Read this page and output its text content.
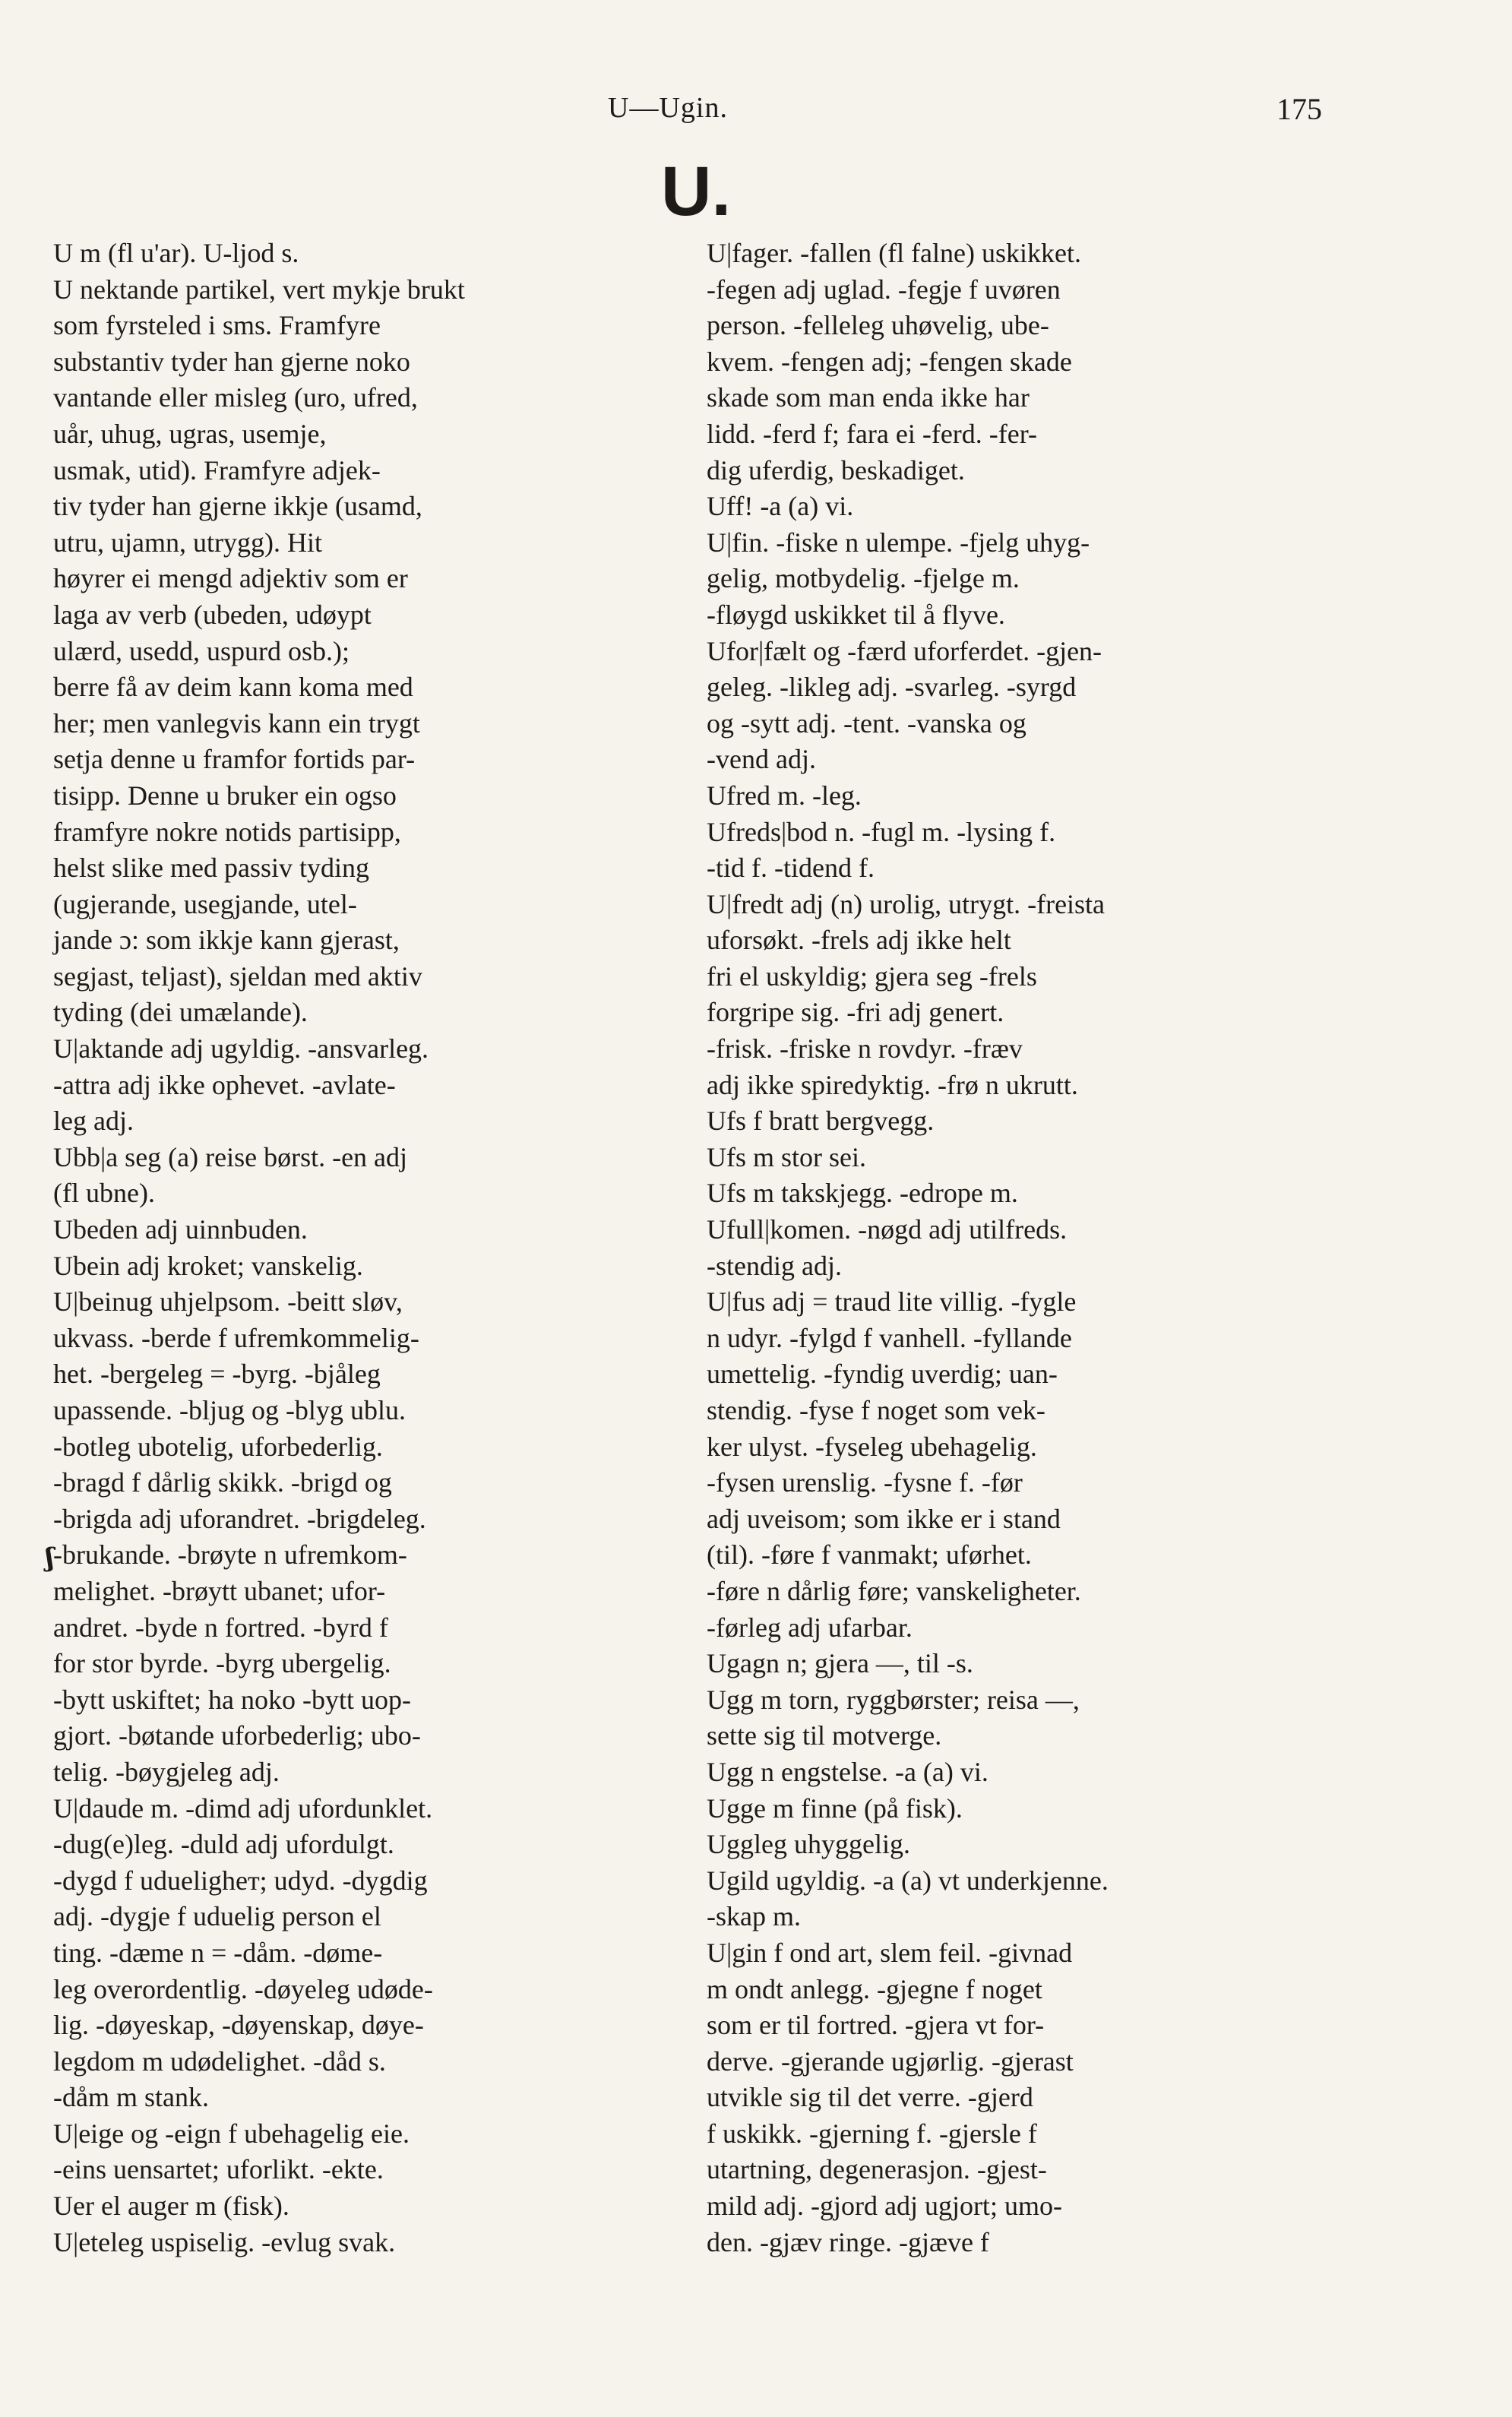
U—Ugin.	175
U.
ʃ
U m (fl u'ar). U-ljod s.
U nektande partikel, vert mykje brukt
som fyrsteled i sms. Framfyre
substantiv tyder han gjerne noko
vantande eller misleg (uro, ufred,
uår, uhug, ugras, usemje,
usmak, utid). Framfyre adjek-
tiv tyder han gjerne ikkje (usamd,
utru, ujamn, utrygg). Hit
høyrer ei mengd adjektiv som er
laga av verb (ubeden, udøypt
ulærd, usedd, uspurd osb.);
berre få av deim kann koma med
her; men vanlegvis kann ein trygt
setja denne u framfor fortids par-
tisipp. Denne u bruker ein ogso
framfyre nokre notids partisipp,
helst slike med passiv tyding
(ugjerande, usegjande, utel-
jande ɔ: som ikkje kann gjerast,
segjast, teljast), sjeldan med aktiv
tyding (dei umælande).
U|aktande adj ugyldig. -ansvarleg.
-attra adj ikke ophevet. -avlate-
leg adj.
Ubb|a seg (a) reise børst. -en adj
(fl ubne).
Ubeden adj uinnbuden.
Ubein adj kroket; vanskelig.
U|beinug uhjelpsom. -beitt sløv,
ukvass. -berde f ufremkommelig-
het. -bergeleg = -byrg. -bjåleg
upassende. -bljug og -blyg ublu.
-botleg ubotelig, uforbederlig.
-bragd f dårlig skikk. -brigd og
-brigda adj uforandret. -brigdeleg.
-brukande. -brøyte n ufremkom-
melighet. -brøytt ubanet; ufor-
andret. -byde n fortred. -byrd f
for stor byrde. -byrg ubergelig.
-bytt uskiftet; ha noko -bytt uop-
gjort. -bøtande uforbederlig; ubo-
telig. -bøygjeleg adj.
U|daude m. -dimd adj ufordunklet.
-dug(e)leg. -duld adj ufordulgt.
-dygd f udueligheт; udyd. -dygdig
adj. -dygje f uduelig person el
ting. -dæme n = -dåm. -døme-
leg overordentlig. -døyeleg udøde-
lig. -døyeskap, -døyenskap, døye-
legdom m udødelighet. -dåd s.
-dåm m stank.
U|eige og -eign f ubehagelig eie.
-eins uensartet; uforlikt. -ekte.
Uer el auger m (fisk).
U|eteleg uspiselig. -evlug svak.
U|fager. -fallen (fl falne) uskikket.
-fegen adj uglad. -fegje f uvøren
person. -felleleg uhøvelig, ube-
kvem. -fengen adj; -fengen skade
skade som man enda ikke har
lidd. -ferd f; fara ei -ferd. -fer-
dig uferdig, beskadiget.
Uff! -a (a) vi.
U|fin. -fiske n ulempe. -fjelg uhyg-
gelig, motbydelig. -fjelge m.
-fløygd uskikket til å flyve.
Ufor|fælt og -færd uforferdet. -gjen-
geleg. -likleg adj. -svarleg. -syrgd
og -sytt adj. -tent. -vanska og
-vend adj.
Ufred m. -leg.
Ufreds|bod n. -fugl m. -lysing f.
-tid f. -tidend f.
U|fredt adj (n) urolig, utrygt. -freista
uforsøkt. -frels adj ikke helt
fri el uskyldig; gjera seg -frels
forgripe sig. -fri adj genert.
-frisk. -friske n rovdyr. -fræv
adj ikke spiredyktig. -frø n ukrutt.
Ufs f bratt bergvegg.
Ufs m stor sei.
Ufs m takskjegg. -edrope m.
Ufull|komen. -nøgd adj utilfreds.
-stendig adj.
U|fus adj = traud lite villig. -fygle
n udyr. -fylgd f vanhell. -fyllande
umettelig. -fyndig uverdig; uan-
stendig. -fyse f noget som vek-
ker ulyst. -fyseleg ubehagelig.
-fysen urenslig. -fysne f. -før
adj uveisom; som ikke er i stand
(til). -føre f vanmakt; uførhet.
-føre n dårlig føre; vanskeligheter.
-førleg adj ufarbar.
Ugagn n; gjera —, til -s.
Ugg m torn, ryggbørster; reisa —,
sette sig til motverge.
Ugg n engstelse. -a (a) vi.
Ugge m finne (på fisk).
Uggleg uhyggelig.
Ugild ugyldig. -a (a) vt underkjenne.
-skap m.
U|gin f ond art, slem feil. -givnad
m ondt anlegg. -gjegne f noget
som er til fortred. -gjera vt for-
derve. -gjerande ugjørlig. -gjerast
utvikle sig til det verre. -gjerd
f uskikk. -gjerning f. -gjersle f
utartning, degenerasjon. -gjest-
mild adj. -gjord adj ugjort; umo-
den. -gjæv ringe. -gjæve f
